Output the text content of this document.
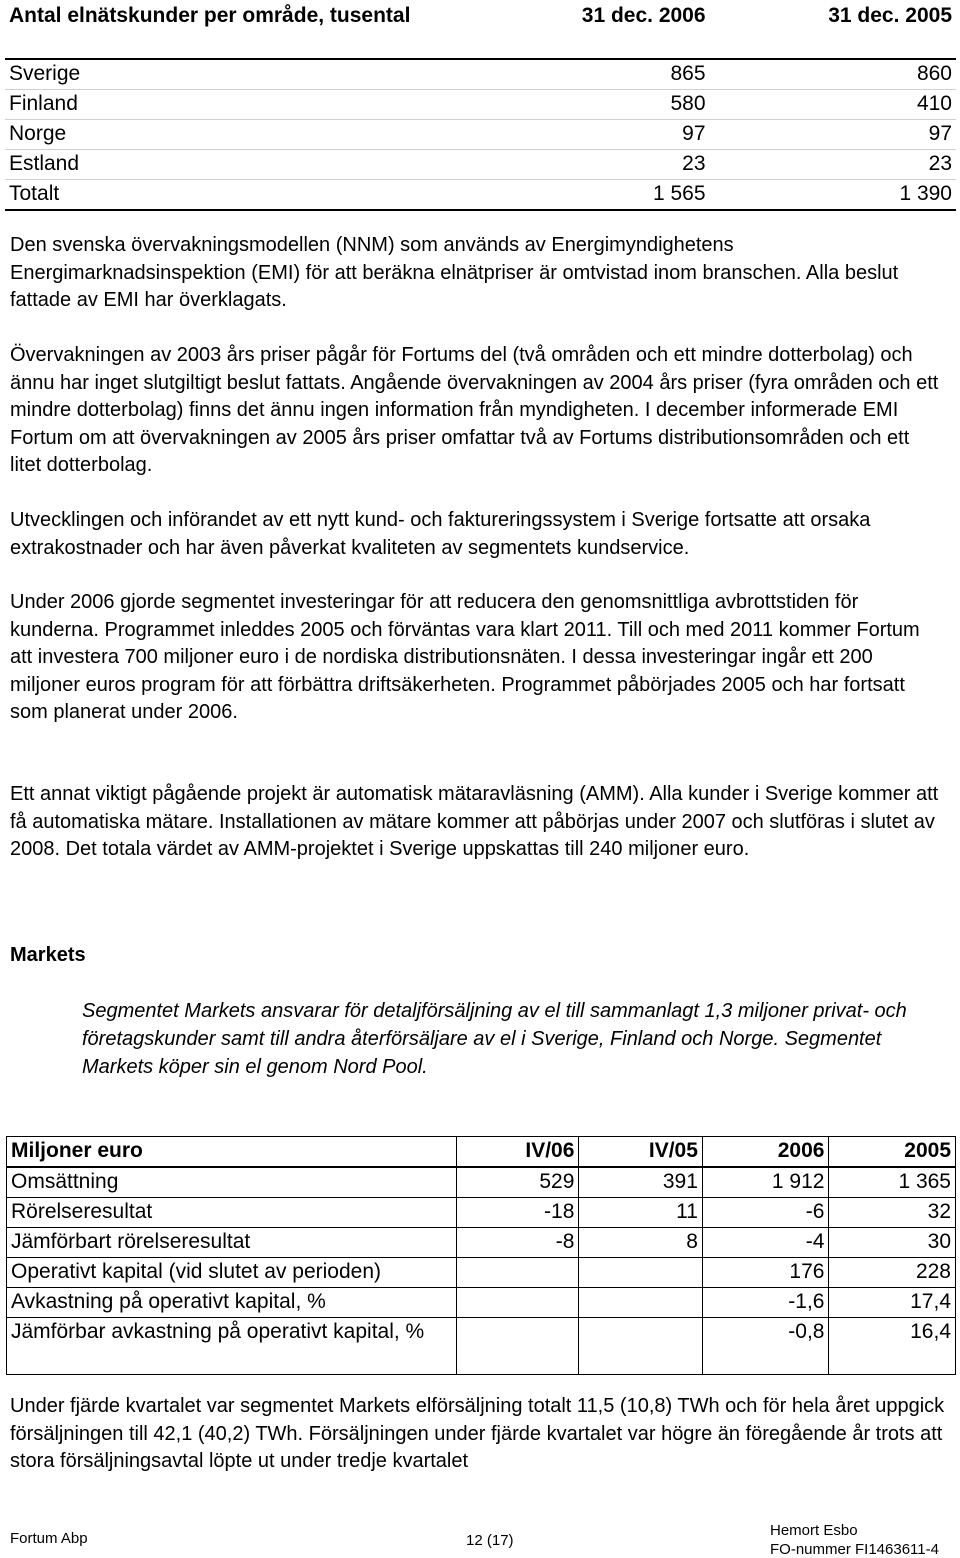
Antal elnätskunder per område, tusental	31 dec. 2006	31 dec. 2005
Sverige	865	860
Finland	580	410
Norge	97	97
Estland	23	23
Totalt	1 565	1 390

Den svenska övervakningsmodellen (NNM) som används av Energimyndighetens Energimarknadsinspektion (EMI) för att beräkna elnätpriser är omtvistad inom branschen. Alla beslut fattade av EMI har överklagats.

Övervakningen av 2003 års priser pågår för Fortums del (två områden och ett mindre dotterbolag) och ännu har inget slutgiltigt beslut fattats. Angående övervakningen av 2004 års priser (fyra områden och ett mindre dotterbolag) finns det ännu ingen information från myndigheten. I december informerade EMI Fortum om att övervakningen av 2005 års priser omfattar två av Fortums distributionsområden och ett litet dotterbolag.

Utvecklingen och införandet av ett nytt kund- och faktureringssystem i Sverige fortsatte att orsaka extrakostnader och har även påverkat kvaliteten av segmentets kundservice.

Under 2006 gjorde segmentet investeringar för att reducera den genomsnittliga avbrottstiden för kunderna. Programmet inleddes 2005 och förväntas vara klart 2011. Till och med 2011 kommer Fortum att investera 700 miljoner euro i de nordiska distributionsnäten. I dessa investeringar ingår ett 200 miljoner euros program för att förbättra driftsäkerheten. Programmet påbörjades 2005 och har fortsatt som planerat under 2006.

Ett annat viktigt pågående projekt är automatisk mätaravläsning (AMM). Alla kunder i Sverige kommer att få automatiska mätare. Installationen av mätare kommer att påbörjas under 2007 och slutföras i slutet av 2008. Det totala värdet av AMM-projektet i Sverige uppskattas till 240 miljoner euro.

Markets

Segmentet Markets ansvarar för detaljförsäljning av el till sammanlagt 1,3 miljoner privat- och företagskunder samt till andra återförsäljare av el i Sverige, Finland och Norge. Segmentet Markets köper sin el genom Nord Pool.

Miljoner euro	IV/06	IV/05	2006	2005
Omsättning	529	391	1 912	1 365
Rörelseresultat	-18	11	-6	32
Jämförbart rörelseresultat	-8	8	-4	30
Operativt kapital (vid slutet av perioden)			176	228
Avkastning på operativt kapital, %			-1,6	17,4
Jämförbar avkastning på operativt kapital, %			-0,8	16,4

Under fjärde kvartalet var segmentet Markets elförsäljning totalt 11,5 (10,8) TWh och för hela året uppgick försäljningen till 42,1 (40,2) TWh. Försäljningen under fjärde kvartalet var högre än föregående år trots att stora försäljningsavtal löpte ut under tredje kvartalet

Fortum Abp	12 (17)
Hemort Esbo
FO-nummer FI1463611-4
